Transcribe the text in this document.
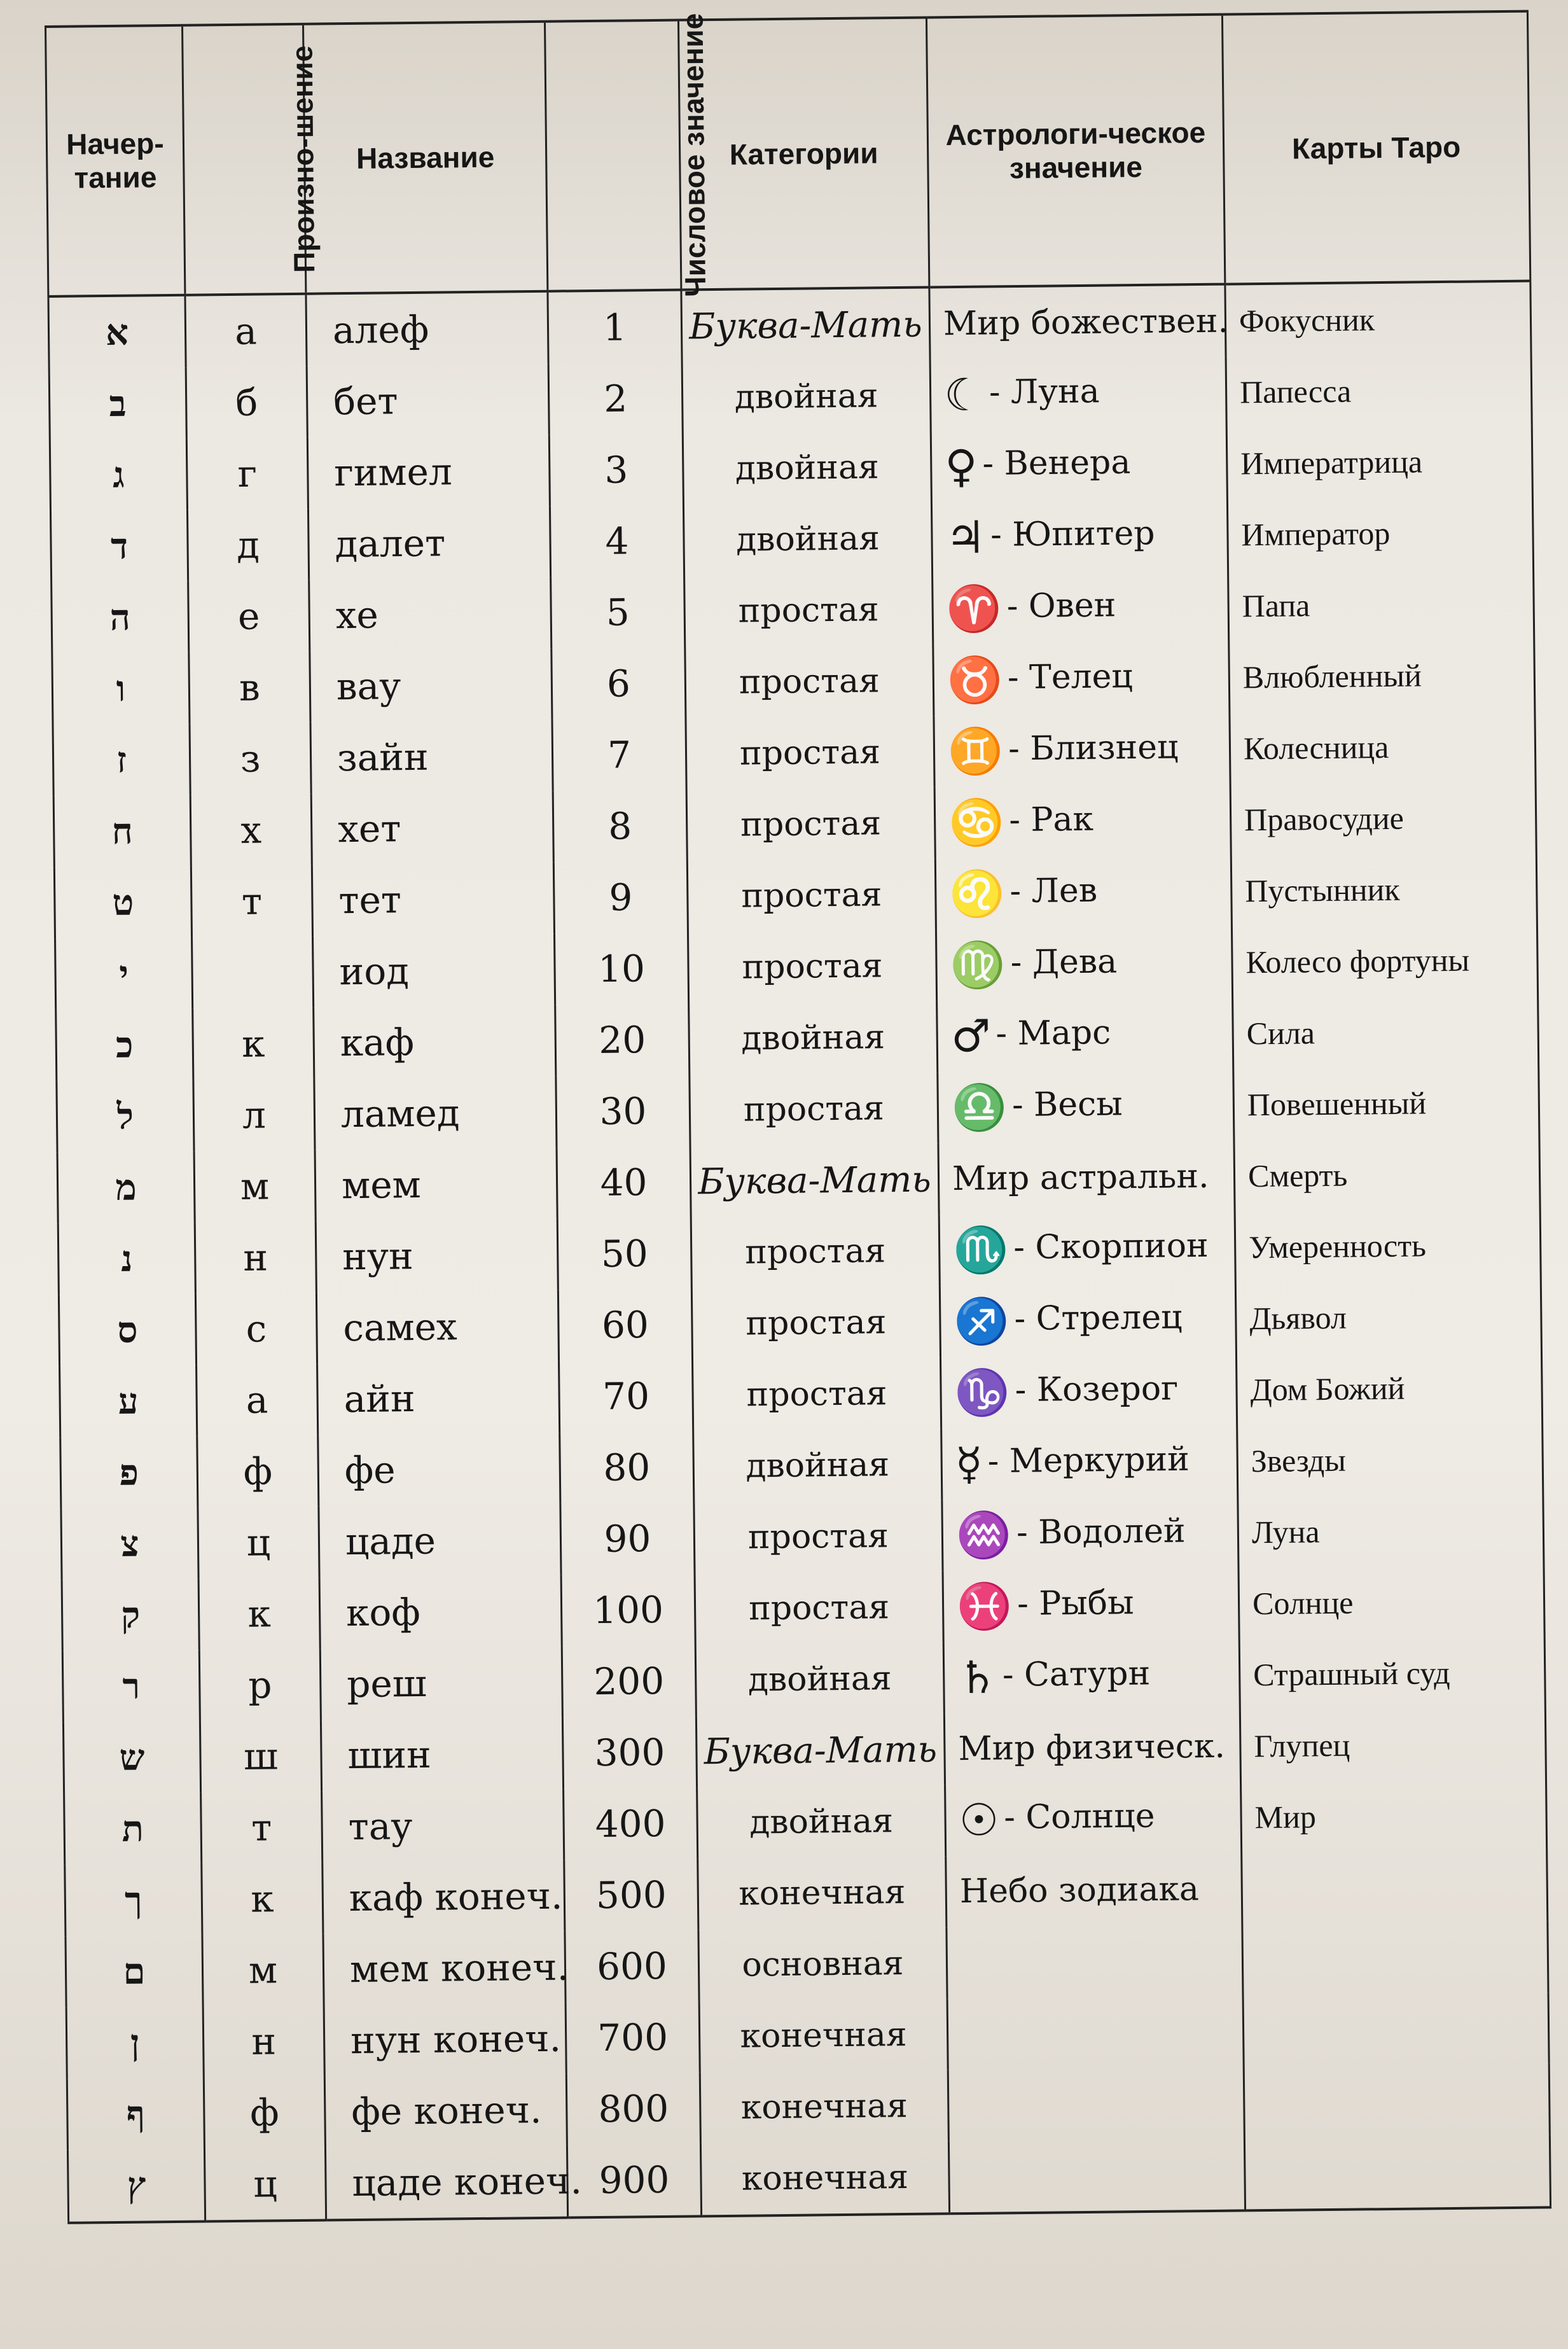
Начер-тание	Произно-шение	Название	Числовое значение	Категории	Астрологи-ческое значение	Карты Таро
א	а	алеф	1	Буква-Мать	Мир божествен.	Фокусник
ב	б	бет	2	двойная	☾ - Луна	Папесса
ג	г	гимел	3	двойная	♀ - Венера	Императрица
ד	д	далет	4	двойная	♃ - Юпитер	Император
ה	е	хе	5	простая	♈ - Овен	Папа
ו	в	вау	6	простая	♉ - Телец	Влюбленный
ז	з	зайн	7	простая	♊ - Близнец	Колесница
ח	х	хет	8	простая	♋ - Рак	Правосудие
ט	т	тет	9	простая	♌ - Лев	Пустынник
י		иод	10	простая	♍ - Дева	Колесо фортуны
כ	к	каф	20	двойная	♂ - Марс	Сила
ל	л	ламед	30	простая	♎ - Весы	Повешенный
מ	м	мем	40	Буква-Мать	Мир астральн.	Смерть
נ	н	нун	50	простая	♏ - Скорпион	Умеренность
ס	с	самех	60	простая	♐ - Стрелец	Дьявол
ע	а	айн	70	простая	♑ - Козерог	Дом Божий
פ	ф	фе	80	двойная	☿ - Меркурий	Звезды
צ	ц	цаде	90	простая	♒ - Водолей	Луна
ק	к	коф	100	простая	♓ - Рыбы	Солнце
ר	р	реш	200	двойная	♄ - Сатурн	Страшный суд
ש	ш	шин	300	Буква-Мать	Мир физическ.	Глупец
ת	т	тау	400	двойная	☉ - Солнце	Мир
ך	к	каф конеч.	500	конечная	Небо зодиака	
ם	м	мем конеч.	600	основная		
ן	н	нун конеч.	700	конечная		
ף	ф	фе конеч.	800	конечная		
ץ	ц	цаде конеч.	900	конечная		
